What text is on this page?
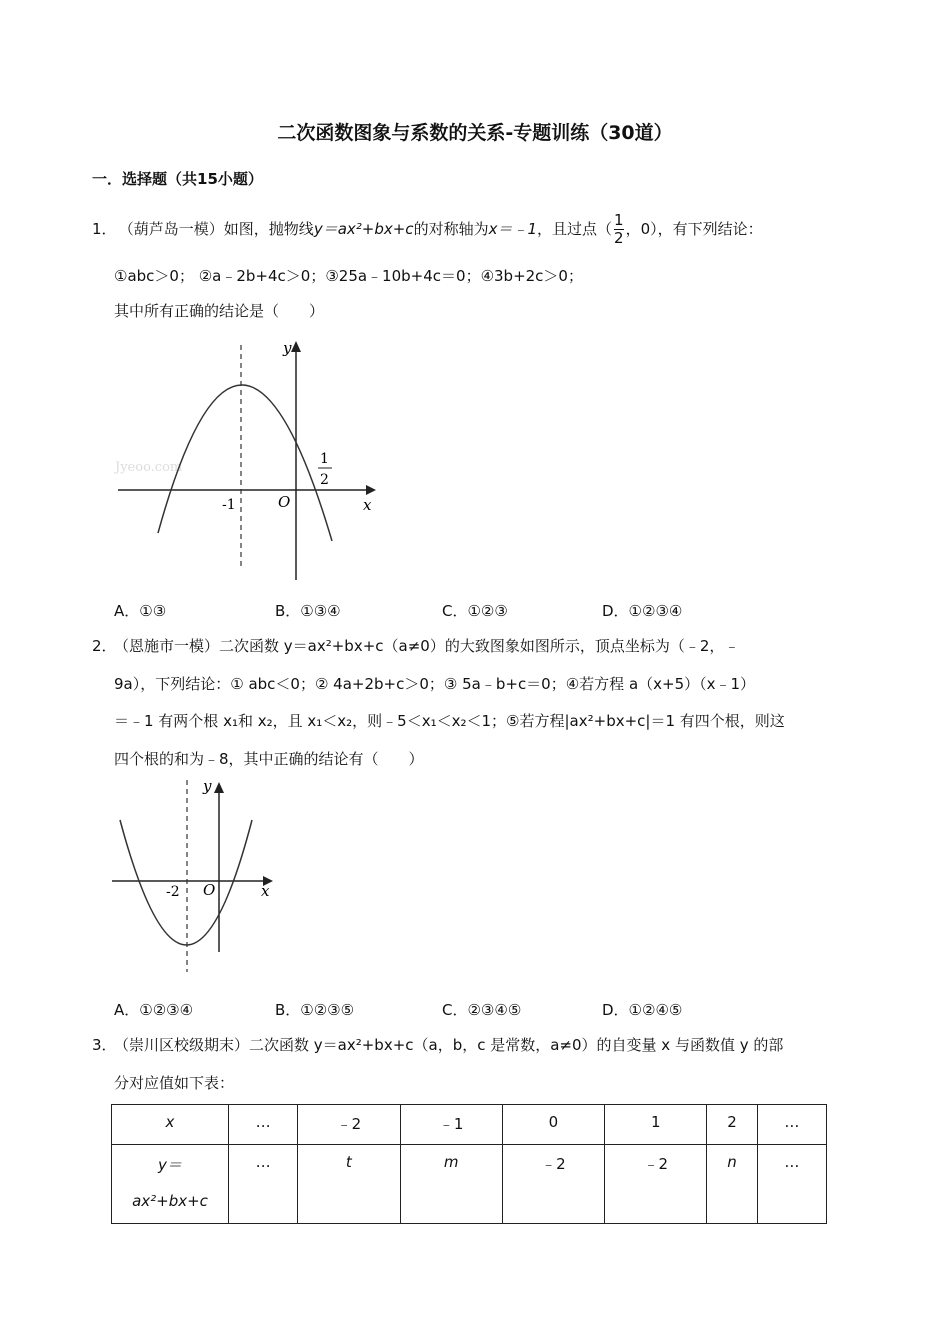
二次函数图象与系数的关系-专题训练（30道）
一．选择题（共15小题）
1． （葫芦岛一模）如图，抛物线y＝ax²+bx+c的对称轴为x＝﹣1，且过点（ $\frac{1}{2}$ ，0），有下列结论：
①abc＞0； ②a﹣2b+4c＞0；③25a﹣10b+4c＝0；④3b+2c＞0；
其中所有正确的结论是（　　）
Jyeoo.com
y
x
O
-1
1
2
A．①③	B．①③④	C．①②③	D．①②③④
2．（恩施市一模）二次函数 y＝ax²+bx+c（a≠0）的大致图象如图所示，顶点坐标为（﹣2，﹣
9a），下列结论：① abc＜0；② 4a+2b+c＞0；③ 5a﹣b+c＝0；④若方程 a（x+5）（x﹣1）
＝﹣1 有两个根 x₁和 x₂，且 x₁＜x₂，则﹣5＜x₁＜x₂＜1；⑤若方程|ax²+bx+c|＝1 有四个根，则这
四个根的和为﹣8，其中正确的结论有（　　）
y
x
O
-2
A．①②③④	B．①②③⑤	C．②③④⑤	D．①②④⑤
3．（崇川区校级期末）二次函数 y＝ax²+bx+c（a，b，c 是常数，a≠0）的自变量 x 与函数值 y 的部
分对应值如下表：
x	…	﹣2	﹣1	0	1	2	…
y＝
ax²+bx+c	…	t	m	﹣2	﹣2	n	…
